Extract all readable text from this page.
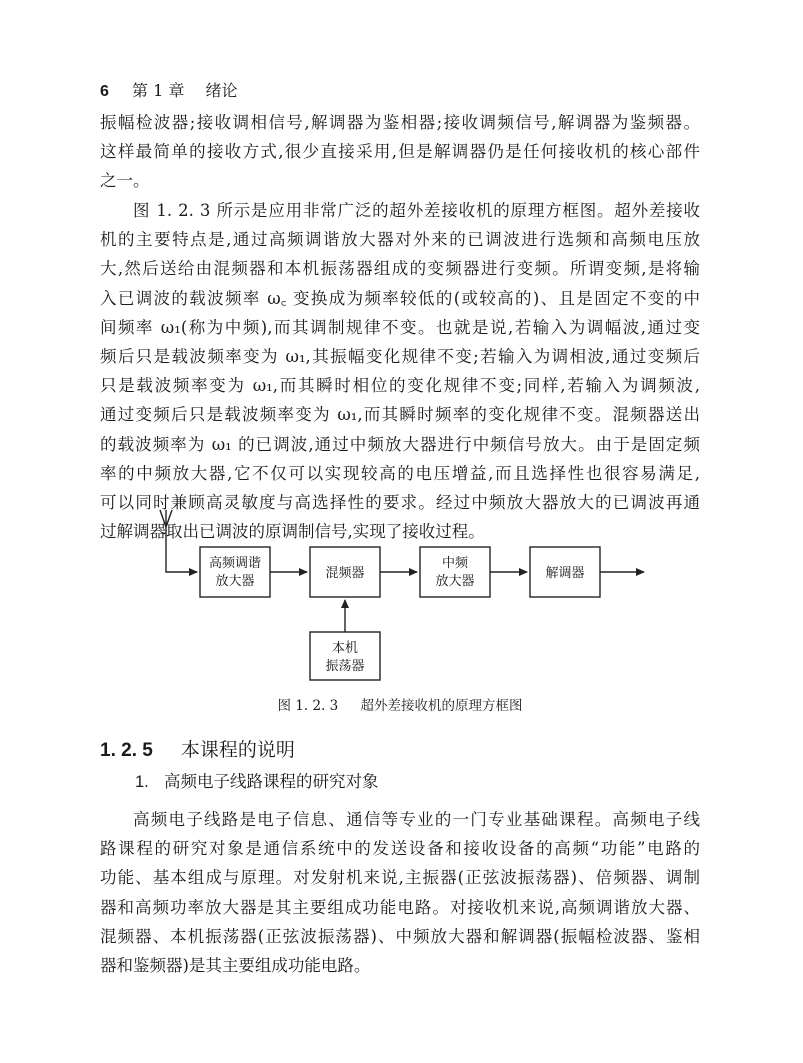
6 第 1 章 绪论
振幅检波器;接收调相信号,解调器为鉴相器;接收调频信号,解调器为鉴频器。
这样最简单的接收方式,很少直接采用,但是解调器仍是任何接收机的核心部件
之一。
图 1. 2. 3 所示是应用非常广泛的超外差接收机的原理方框图。超外差接收
机的主要特点是,通过高频调谐放大器对外来的已调波进行选频和高频电压放
大,然后送给由混频器和本机振荡器组成的变频器进行变频。所谓变频,是将输
入已调波的载波频率 ω꜀ 变换成为频率较低的(或较高的)、且是固定不变的中
间频率 ω₁(称为中频),而其调制规律不变。也就是说,若输入为调幅波,通过变
频后只是载波频率变为 ω₁,其振幅变化规律不变;若输入为调相波,通过变频后
只是载波频率变为 ω₁,而其瞬时相位的变化规律不变;同样,若输入为调频波,
通过变频后只是载波频率变为 ω₁,而其瞬时频率的变化规律不变。混频器送出
的载波频率为 ω₁ 的已调波,通过中频放大器进行中频信号放大。由于是固定频
率的中频放大器,它不仅可以实现较高的电压增益,而且选择性也很容易满足,
可以同时兼顾高灵敏度与高选择性的要求。经过中频放大器放大的已调波再通
过解调器取出已调波的原调制信号,实现了接收过程。
高频调谐
放大器
混频器
中频
放大器
解调器
本机
振荡器
图 1. 2. 3 超外差接收机的原理方框图
1. 2. 5 本课程的说明
1. 高频电子线路课程的研究对象
高频电子线路是电子信息、通信等专业的一门专业基础课程。高频电子线
路课程的研究对象是通信系统中的发送设备和接收设备的高频“功能”电路的
功能、基本组成与原理。对发射机来说,主振器(正弦波振荡器)、倍频器、调制
器和高频功率放大器是其主要组成功能电路。对接收机来说,高频调谐放大器、
混频器、本机振荡器(正弦波振荡器)、中频放大器和解调器(振幅检波器、鉴相
器和鉴频器)是其主要组成功能电路。
